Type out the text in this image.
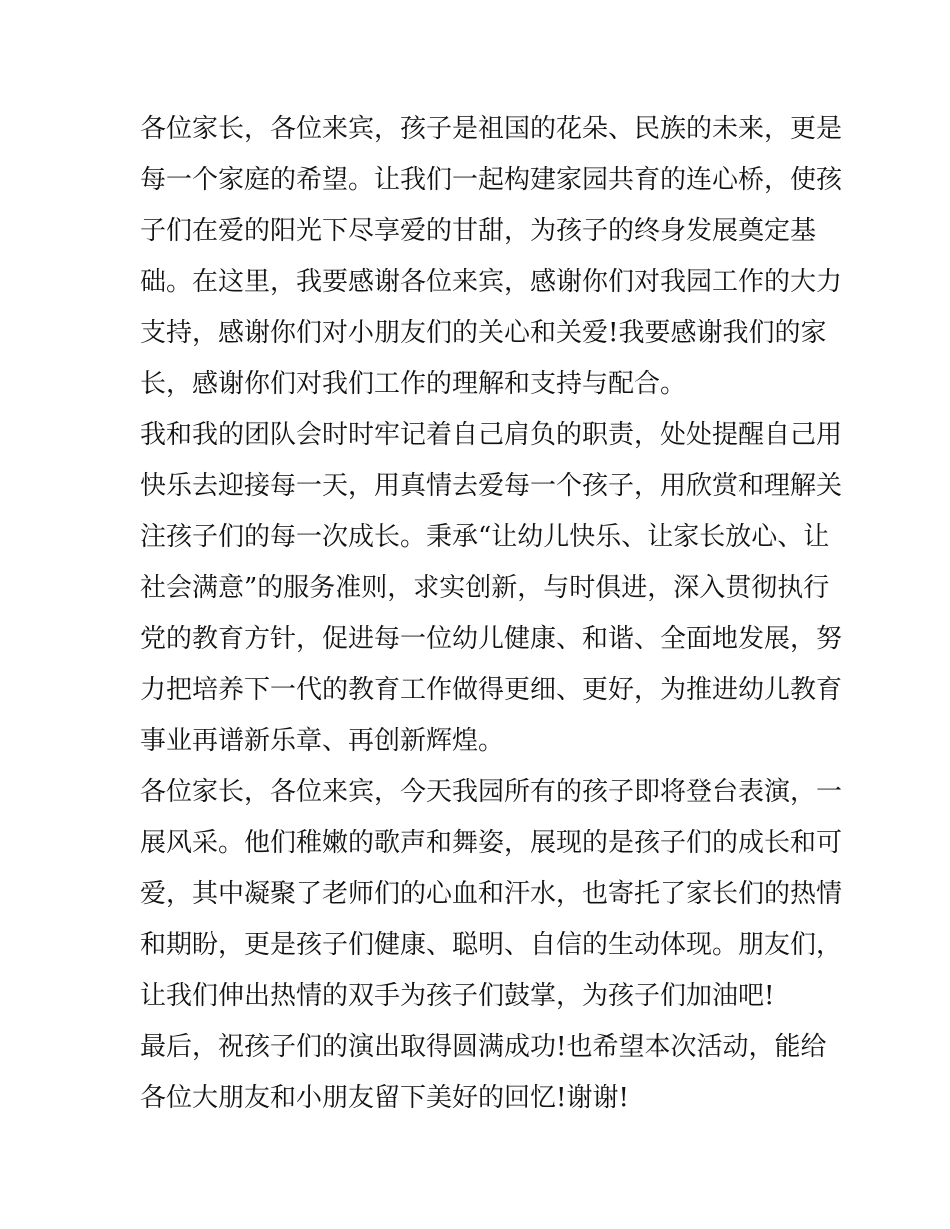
各位家长，各位来宾，孩子是祖国的花朵、民族的未来，更是
每一个家庭的希望。让我们一起构建家园共育的连心桥，使孩
子们在爱的阳光下尽享爱的甘甜，为孩子的终身发展奠定基
础。在这里，我要感谢各位来宾，感谢你们对我园工作的大力
支持，感谢你们对小朋友们的关心和关爱!我要感谢我们的家
长，感谢你们对我们工作的理解和支持与配合。
我和我的团队会时时牢记着自己肩负的职责，处处提醒自己用
快乐去迎接每一天，用真情去爱每一个孩子，用欣赏和理解关
注孩子们的每一次成长。秉承“让幼儿快乐、让家长放心、让
社会满意”的服务准则，求实创新，与时俱进，深入贯彻执行
党的教育方针，促进每一位幼儿健康、和谐、全面地发展，努
力把培养下一代的教育工作做得更细、更好，为推进幼儿教育
事业再谱新乐章、再创新辉煌。
各位家长，各位来宾，今天我园所有的孩子即将登台表演，一
展风采。他们稚嫩的歌声和舞姿，展现的是孩子们的成长和可
爱，其中凝聚了老师们的心血和汗水，也寄托了家长们的热情
和期盼，更是孩子们健康、聪明、自信的生动体现。朋友们，
让我们伸出热情的双手为孩子们鼓掌，为孩子们加油吧!
最后，祝孩子们的演出取得圆满成功!也希望本次活动，能给
各位大朋友和小朋友留下美好的回忆!谢谢!
